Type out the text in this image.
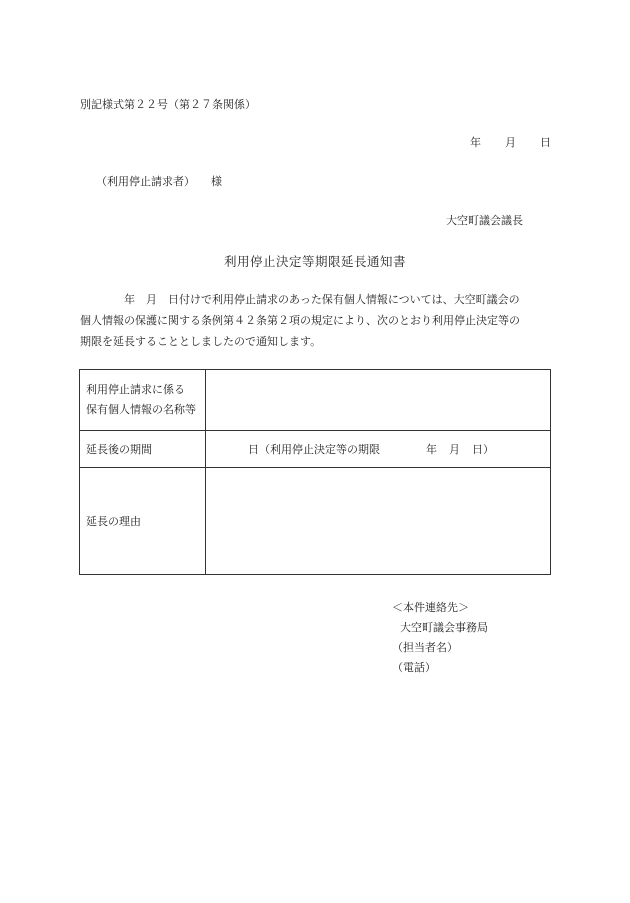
別記様式第２２号（第２７条関係）
年 月 日
（利用停止請求者） 様
大空町議会議長
利用停止決定等期限延長通知書

年　月　日付けで利用停止請求のあった保有個人情報については、大空町議会の

個人情報の保護に関する条例第４２条第２項の規定により、次のとおり利用停止決定等の

期限を延長することとしましたので通知します。

利用停止請求に係る
保有個人情報の名称等	

延長後の期間	日（利用停止決定等の期限 年 月 日）
延長の理由	
＜本件連絡先＞
大空町議会事務局
（担当者名）
（電話）
